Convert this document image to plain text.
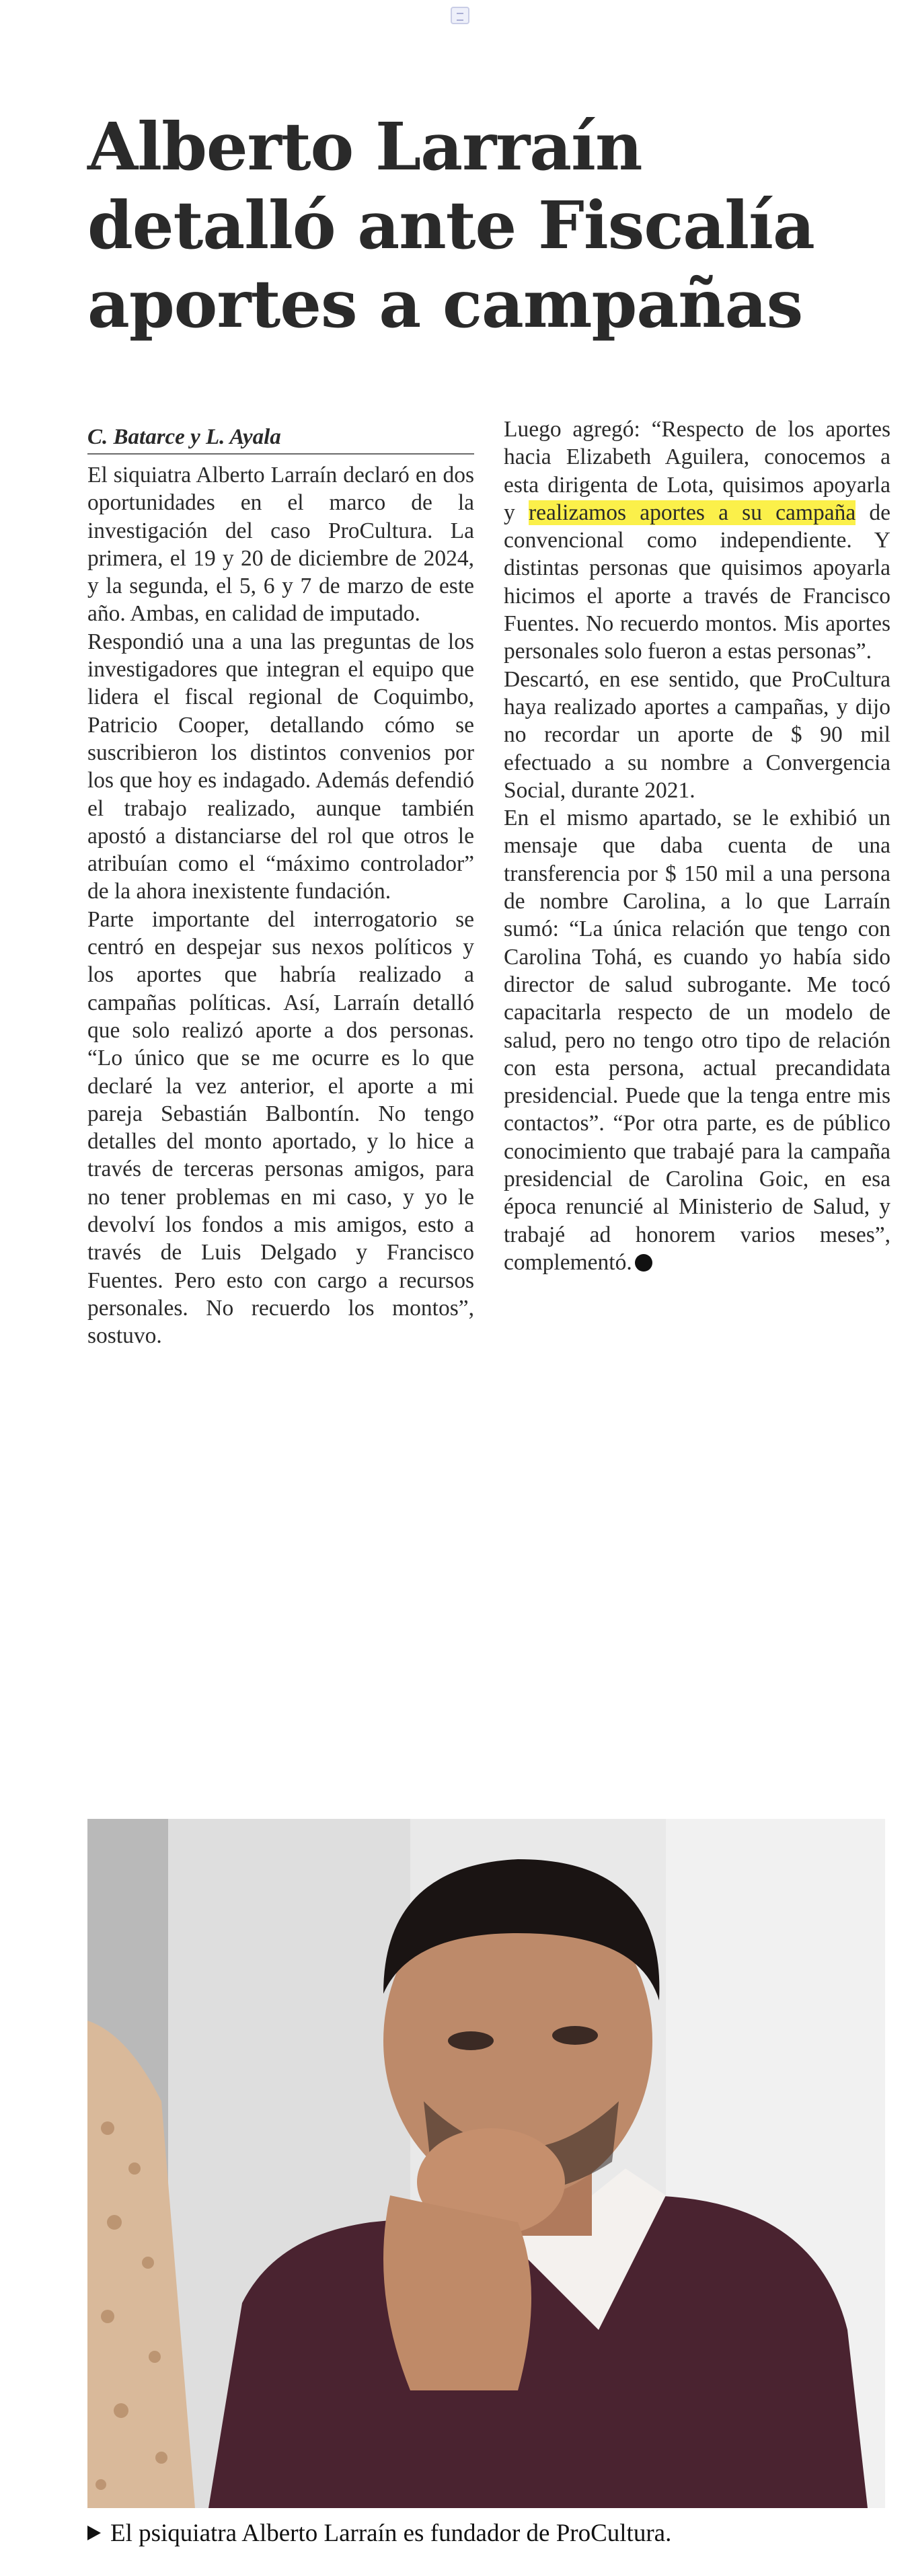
Alberto Larraín detalló ante Fiscalía aportes a campañas
C. Batarce y L. Ayala

El siquiatra Alberto Larraín declaró en dos oportunidades en el marco de la investigación del caso ProCultura. La primera, el 19 y 20 de diciembre de 2024, y la segunda, el 5, 6 y 7 de marzo de este año. Ambas, en calidad de imputado.

Respondió una a una las preguntas de los investigadores que integran el equipo que lidera el fiscal regional de Coquimbo, Patricio Cooper, detallando cómo se suscribieron los distintos convenios por los que hoy es indagado. Además defendió el trabajo realizado, aunque también apostó a distanciarse del rol que otros le atribuían como el “máximo controlador” de la ahora inexistente fundación.

Parte importante del interrogatorio se centró en despejar sus nexos políticos y los aportes que habría realizado a campañas políticas. Así, Larraín detalló que solo realizó aporte a dos personas. “Lo único que se me ocurre es lo que declaré la vez anterior, el aporte a mi pareja Sebastián Balbontín. No tengo detalles del monto aportado, y lo hice a través de terceras personas amigos, para no tener problemas en mi caso, y yo le devolví los fondos a mis amigos, esto a través de Luis Delgado y Francisco Fuentes. Pero esto con cargo a recursos personales. No recuerdo los montos”, sostuvo.

Luego agregó: “Respecto de los aportes hacia Elizabeth Aguilera, conocemos a esta dirigenta de Lota, quisimos apoyarla y realizamos aportes a su campaña de convencional como independiente. Y distintas personas que quisimos apoyarla hicimos el aporte a través de Francisco Fuentes. No recuerdo montos. Mis aportes personales solo fueron a estas personas”.

Descartó, en ese sentido, que ProCultura haya realizado aportes a campañas, y dijo no recordar un aporte de $ 90 mil efectuado a su nombre a Convergencia Social, durante 2021.

En el mismo apartado, se le exhibió un mensaje que daba cuenta de una transferencia por $ 150 mil a una persona de nombre Carolina, a lo que Larraín sumó: “La única relación que tengo con Carolina Tohá, es cuando yo había sido director de salud subrogante. Me tocó capacitarla respecto de un modelo de salud, pero no tengo otro tipo de relación con esta persona, actual precandidata presidencial. Puede que la tenga entre mis contactos”. “Por otra parte, es de público conocimiento que trabajé para la campaña presidencial de Carolina Goic, en esa época renuncié al Ministerio de Salud, y trabajé ad honorem varios meses”, complementó.

El psiquiatra Alberto Larraín es fundador de ProCultura.
